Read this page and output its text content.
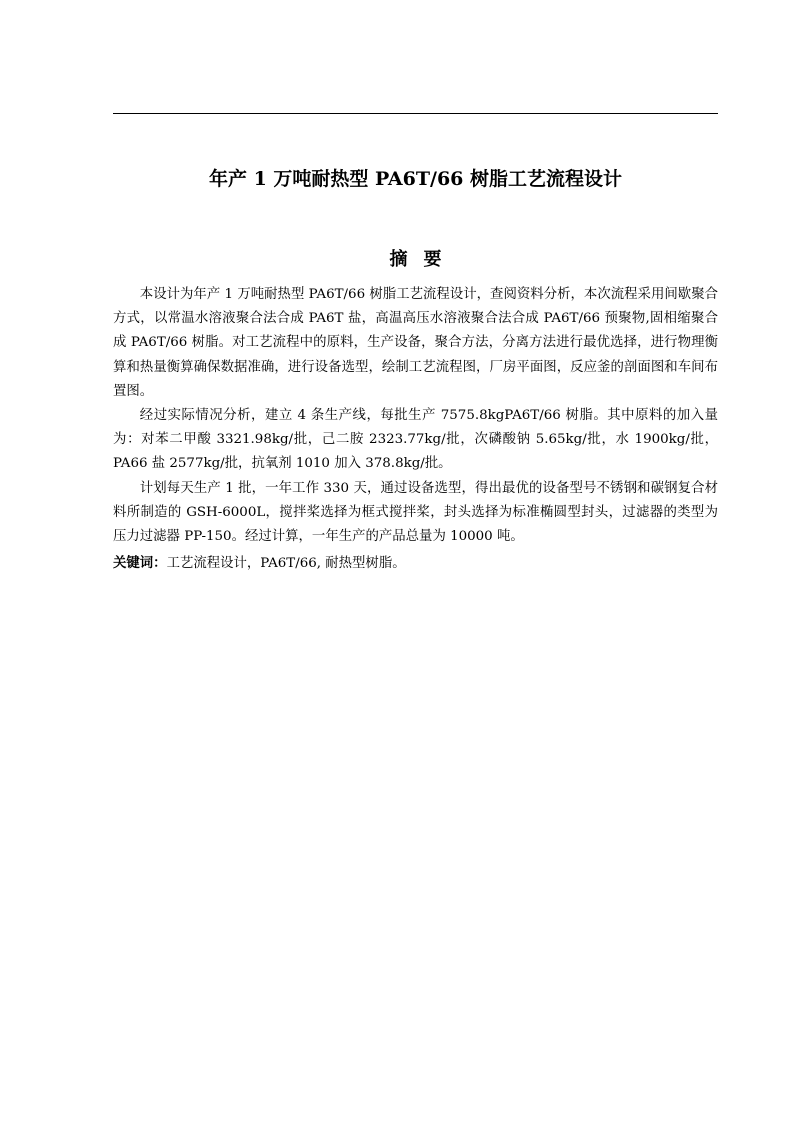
年产 1 万吨耐热型 PA6T/66 树脂工艺流程设计
摘要

本设计为年产 1 万吨耐热型 PA6T/66 树脂工艺流程设计，查阅资料分析，本次流程采用间歇聚合方式，以常温水溶液聚合法合成 PA6T 盐，高温高压水溶液聚合法合成 PA6T/66 预聚物,固相缩聚合成 PA6T/66 树脂。对工艺流程中的原料，生产设备，聚合方法，分离方法进行最优选择，进行物理衡算和热量衡算确保数据准确，进行设备选型，绘制工艺流程图，厂房平面图，反应釜的剖面图和车间布置图。

经过实际情况分析，建立 4 条生产线，每批生产 7575.8kgPA6T/66 树脂。其中原料的加入量为：对苯二甲酸 3321.98kg/批，己二胺 2323.77kg/批，次磷酸钠 5.65kg/批，水 1900kg/批，PA66 盐 2577kg/批，抗氧剂 1010 加入 378.8kg/批。

计划每天生产 1 批，一年工作 330 天，通过设备选型，得出最优的设备型号不锈钢和碳钢复合材料所制造的 GSH-6000L，搅拌桨选择为框式搅拌桨，封头选择为标准椭圆型封头，过滤器的类型为压力过滤器 PP-150。经过计算，一年生产的产品总量为 10000 吨。

关键词：工艺流程设计，PA6T/66, 耐热型树脂。
